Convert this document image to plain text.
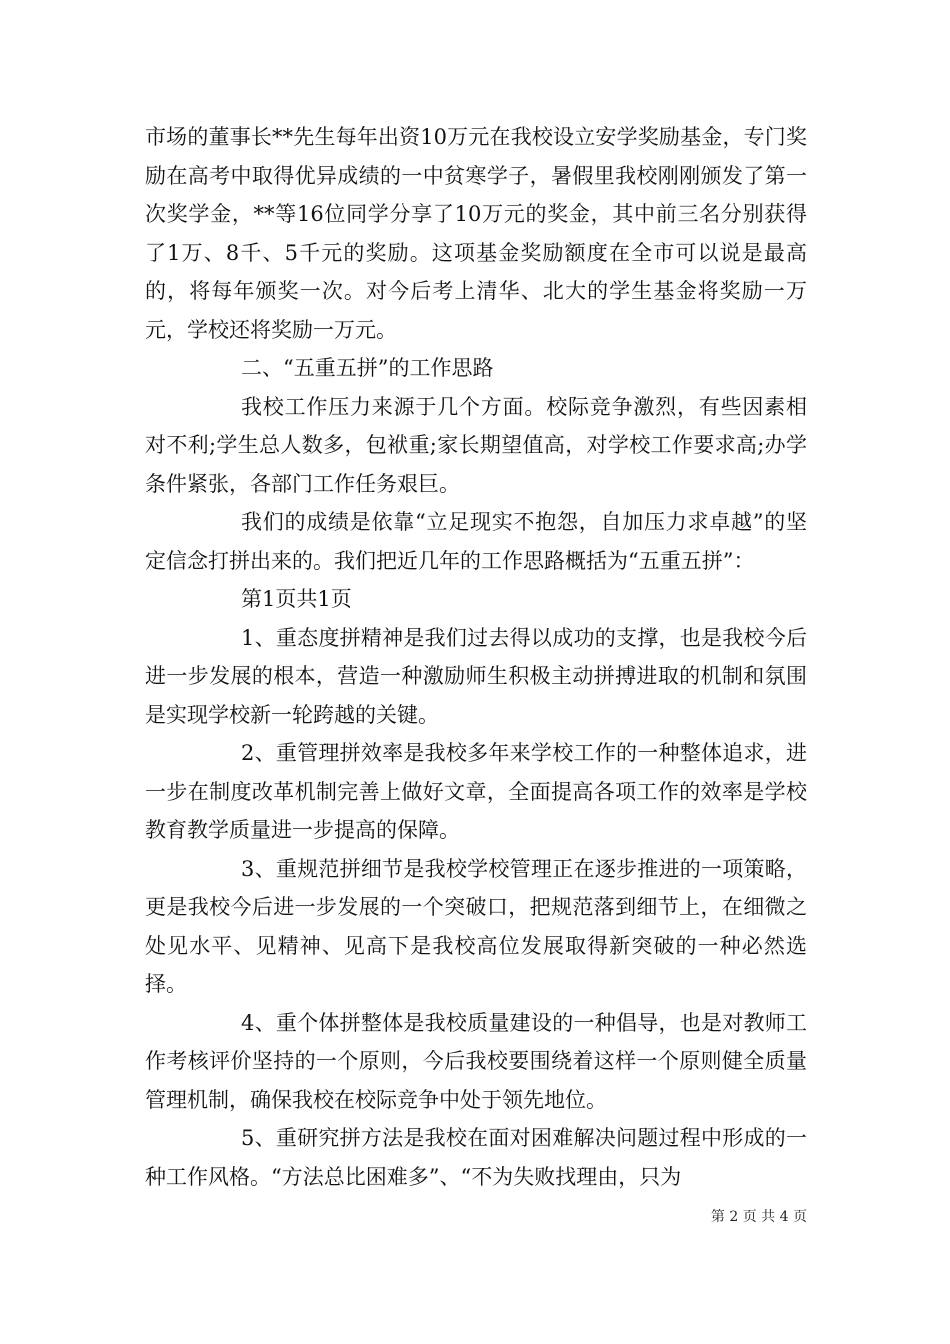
市场的董事长**先生每年出资10万元在我校设立安学奖励基金，专门奖励在高考中取得优异成绩的一中贫寒学子，暑假里我校刚刚颁发了第一次奖学金，**等16位同学分享了10万元的奖金，其中前三名分别获得了1万、8千、5千元的奖励。这项基金奖励额度在全市可以说是最高的，将每年颁奖一次。对今后考上清华、北大的学生基金将奖励一万元，学校还将奖励一万元。

二、“五重五拼”的工作思路

我校工作压力来源于几个方面。校际竞争激烈，有些因素相对不利;学生总人数多，包袱重;家长期望值高，对学校工作要求高;办学条件紧张，各部门工作任务艰巨。

我们的成绩是依靠“立足现实不抱怨，自加压力求卓越”的坚定信念打拼出来的。我们把近几年的工作思路概括为“五重五拼”：

第1页共1页

1、重态度拼精神是我们过去得以成功的支撑，也是我校今后进一步发展的根本，营造一种激励师生积极主动拼搏进取的机制和氛围是实现学校新一轮跨越的关键。

2、重管理拼效率是我校多年来学校工作的一种整体追求，进一步在制度改革机制完善上做好文章，全面提高各项工作的效率是学校教育教学质量进一步提高的保障。

3、重规范拼细节是我校学校管理正在逐步推进的一项策略，更是我校今后进一步发展的一个突破口，把规范落到细节上，在细微之处见水平、见精神、见高下是我校高位发展取得新突破的一种必然选择。

4、重个体拼整体是我校质量建设的一种倡导，也是对教师工作考核评价坚持的一个原则，今后我校要围绕着这样一个原则健全质量管理机制，确保我校在校际竞争中处于领先地位。

5、重研究拼方法是我校在面对困难解决问题过程中形成的一种工作风格。“方法总比困难多”、“不为失败找理由，只为

第 2 页 共 4 页
